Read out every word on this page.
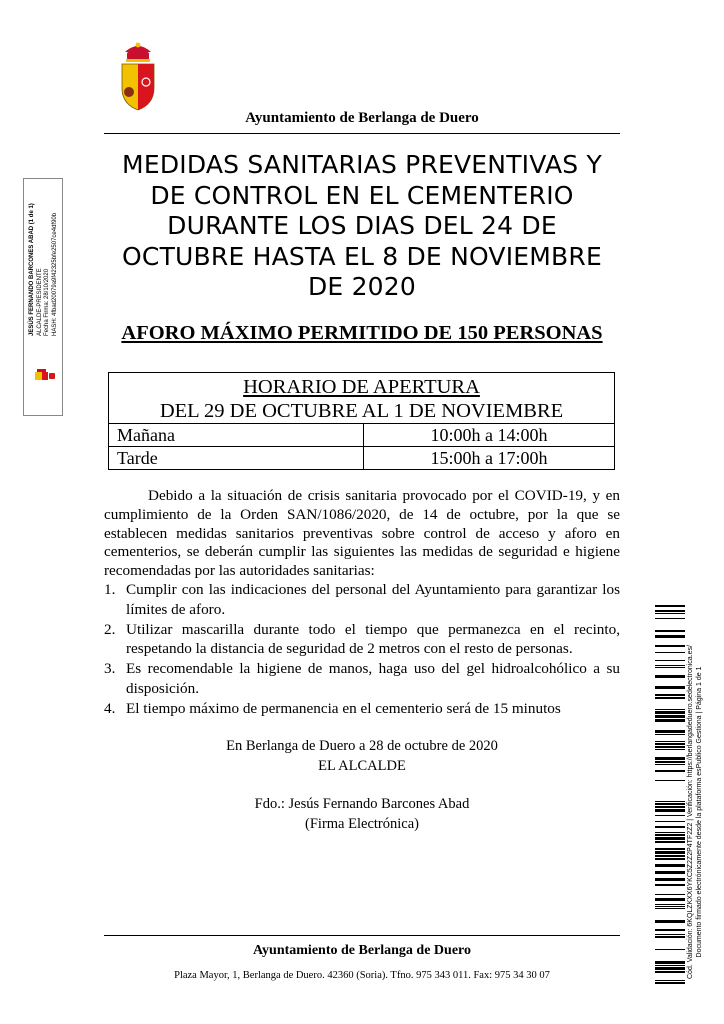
Ayuntamiento de Berlanga de Duero
MEDIDAS SANITARIAS PREVENTIVAS Y
DE CONTROL EN EL CEMENTERIO
DURANTE LOS DIAS DEL 24 DE
OCTUBRE HASTA EL 8 DE NOVIEMBRE
DE 2020
AFORO MÁXIMO PERMITIDO DE 150 PERSONAS
HORARIO DE APERTURA
DEL 29 DE OCTUBRE AL 1 DE NOVIEMBRE
Mañana	10:00h a 14:00h
Tarde	15:00h a 17:00h
Debido a la situación de crisis sanitaria provocado por el COVID-19, y en cumplimiento de la Orden SAN/1086/2020, de 14 de octubre, por la que se establecen medidas sanitarios preventivas sobre control de acceso y aforo en cementerios, se deberán cumplir las siguientes las medidas de seguridad e higiene recomendadas por las autoridades sanitarias:
1. Cumplir con las indicaciones del personal del Ayuntamiento para garantizar los límites de aforo.
2. Utilizar mascarilla durante todo el tiempo que permanezca en el recinto, respetando la distancia de seguridad de 2 metros con el resto de personas.
3. Es recomendable la higiene de manos, haga uso del gel hidroalcohólico a su disposición.
4. El tiempo máximo de permanencia en el cementerio será de 15 minutos
En Berlanga de Duero a 28 de octubre de 2020
EL ALCALDE
Fdo.: Jesús Fernando Barcones Abad
(Firma Electrónica)
Ayuntamiento de Berlanga de Duero
Plaza Mayor, 1, Berlanga de Duero. 42360 (Soria). Tfno. 975 343 011. Fax: 975 34 30 07
JESÚS FERNANDO BARCONES ABAD (1 de 1) ALCALDE-PRESIDENTE Fecha Firma: 28/10/2020 HASH: 4fbad20079a9f42325bfe2507ce4df90b
Cód. Validación: 6KQLZKXX6YKC5Z2Z2P4TF2Z2 | Verificación: https://berlangadeduero.sedelectronica.es/ Documento firmado electrónicamente desde la plataforma esPublico Gestiona | Página 1 de 1
